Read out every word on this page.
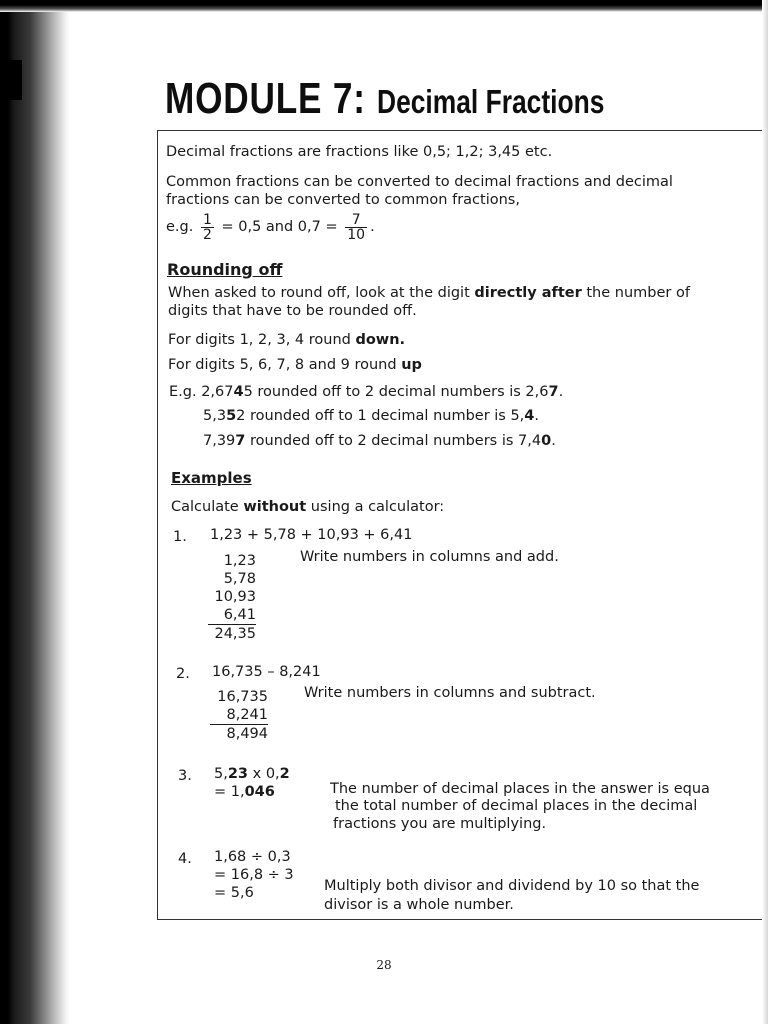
MODULE 7: Decimal Fractions
Decimal fractions are fractions like 0,5; 1,2; 3,45 etc.
Common fractions can be converted to decimal fractions and decimal
fractions can be converted to common fractions,
e.g. $\frac{1}{2} = 0,5$ and $0,7 = \frac{7}{10}$ .
Rounding off
When asked to round off, look at the digit directly after the number of
digits that have to be rounded off.
For digits 1, 2, 3, 4 round down.
For digits 5, 6, 7, 8 and 9 round up
E.g. 2,6745 rounded off to 2 decimal numbers is 2,67.
5,352 rounded off to 1 decimal number is 5,4.
7,397 rounded off to 2 decimal numbers is 7,40.
Examples
Calculate without using a calculator:
1. 1,23 + 5,78 + 10,93 + 6,41
1,23
5,78
10,93
6,41
24,35
Write numbers in columns and add.
2. 16,735 – 8,241
16,735
8,241
8,494
Write numbers in columns and subtract.
3. 5,23 x 0,2
= 1,046	The number of decimal places in the answer is equa
the total number of decimal places in the decimal
fractions you are multiplying.
4. 1,68 ÷ 0,3
= 16,8 ÷ 3
= 5,6	Multiply both divisor and dividend by 10 so that the
divisor is a whole number.
28
